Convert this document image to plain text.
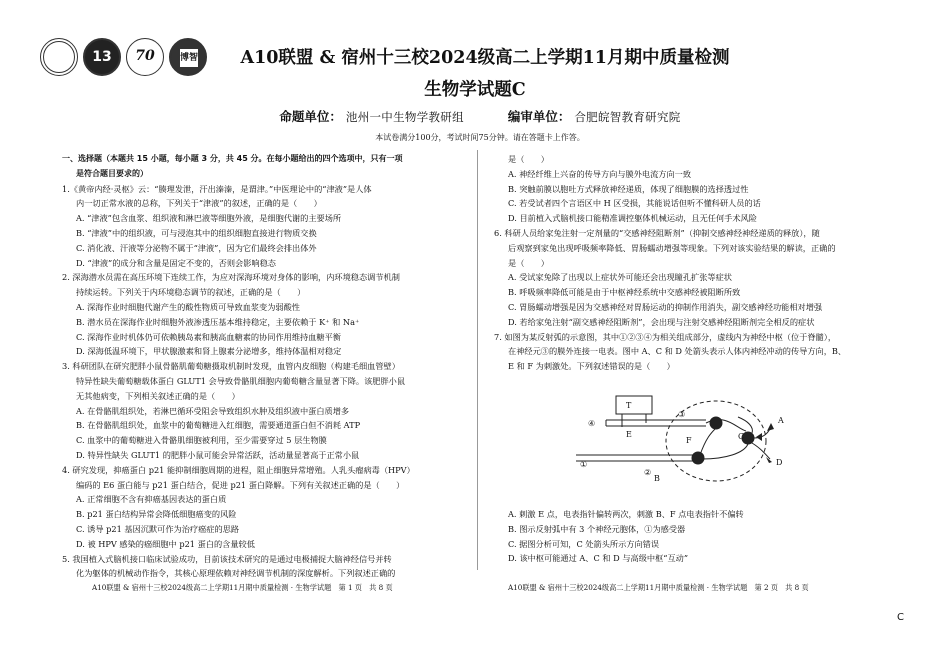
13	70	博智	A10联盟 & 宿州十三校2024级高二上学期11月期中质量检测
生物学试题C
命题单位： 池州一中生物学教研组	编审单位： 合肥皖智教育研究院
本试卷满分100分，考试时间75分钟。请在答题卡上作答。

一、选择题（本题共 15 小题，每小题 3 分，共 45 分。在每小题给出的四个选项中，只有一项

是符合题目要求的）

1.《黄帝内经·灵枢》云：“腠理发泄，汗出溱溱，是谓津。”中医理论中的“津液”是人体

内一切正常水液的总称，下列关于“津液”的叙述，正确的是（　　）

A. “津液”包含血浆、组织液和淋巴液等细胞外液，是细胞代谢的主要场所

B. “津液”中的组织液，可与浸泡其中的组织细胞直接进行物质交换

C. 消化液、汗液等分泌物不属于“津液”，因为它们最终会排出体外

D. “津液”的成分和含量是固定不变的，否则会影响稳态

2. 深海潜水员需在高压环境下连续工作，为应对深海环境对身体的影响，内环境稳态调节机制

持续运转。下列关于内环境稳态调节的叙述，正确的是（　　）

A. 深海作业时细胞代谢产生的酸性物质可导致血浆变为弱酸性

B. 潜水员在深海作业时细胞外液渗透压基本维持稳定，主要依赖于 K⁺ 和 Na⁺

C. 深海作业时机体仍可依赖胰岛素和胰高血糖素的协同作用维持血糖平衡

D. 深海低温环境下，甲状腺激素和肾上腺素分泌增多，维持体温相对稳定

3. 科研团队在研究肥胖小鼠骨骼肌葡萄糖摄取机制时发现，血管内皮细胞（构建毛细血管壁）

特异性缺失葡萄糖载体蛋白 GLUT1 会导致骨骼肌细胞内葡萄糖含量显著下降。该肥胖小鼠

无其他病变，下列相关叙述正确的是（　　）

A. 在骨骼肌组织处，若淋巴循环受阻会导致组织水肿及组织液中蛋白质增多

B. 在骨骼肌组织处，血浆中的葡萄糖进入红细胞，需要通道蛋白但不消耗 ATP

C. 血浆中的葡萄糖进入骨骼肌细胞被利用，至少需要穿过 5 层生物膜

D. 特异性缺失 GLUT1 的肥胖小鼠可能会异常活跃，活动量显著高于正常小鼠

4. 研究发现，抑癌蛋白 p21 能抑制细胞周期的进程，阻止细胞异常增殖。人乳头瘤病毒（HPV）

编码的 E6 蛋白能与 p21 蛋白结合，促进 p21 蛋白降解。下列有关叙述正确的是（　　）

A. 正常细胞不含有抑癌基因表达的蛋白质

B. p21 蛋白结构异常会降低细胞癌变的风险

C. 诱导 p21 基因沉默可作为治疗癌症的思路

D. 被 HPV 感染的癌细胞中 p21 蛋白的含量较低

5. 我国植入式脑机接口临床试验成功，目前该技术研究的是通过电极捕捉大脑神经信号并转

化为躯体的机械动作指令，其核心原理依赖对神经调节机制的深度解析。下列叙述正确的

是（　　）

A. 神经纤维上兴奋的传导方向与膜外电流方向一致

B. 突触前膜以胞吐方式释放神经递质，体现了细胞膜的选择透过性

C. 若受试者四个言语区中 H 区受损，其能说话但听不懂科研人员的话

D. 目前植入式脑机接口能精准调控躯体机械运动，且无任何手术风险

6. 科研人员给家兔注射一定剂量的“交感神经阻断剂”（抑制交感神经神经递质的释放），随

后观察到家兔出现呼吸频率降低、胃肠蠕动增强等现象。下列对该实验结果的解读，正确的

是（　　）

A. 受试家兔除了出现以上症状外可能还会出现瞳孔扩张等症状

B. 呼吸频率降低可能是由于中枢神经系统中交感神经被阻断所致

C. 胃肠蠕动增强是因为交感神经对胃肠运动的抑制作用消失，副交感神经功能相对增强

D. 若给家兔注射“副交感神经阻断剂”，会出现与注射交感神经阻断剂完全相反的症状

7. 如图为某反射弧的示意图，其中①②③④为相关组成部分，虚线内为神经中枢（位于脊髓），

在神经元③的膜外连接一电表。图中 A、C 和 D 处箭头表示人体内神经冲动的传导方向，B、

E 和 F 为刺激处。下列叙述错误的是（　　）

A. 刺激 E 点，电表指针偏转两次，刺激 B、F 点电表指针不偏转

B. 图示反射弧中有 3 个神经元胞体，①为感受器

C. 据图分析可知，C 处箭头所示方向错误

D. 该中枢可能通过 A、C 和 D 与高级中枢“互动”

T
④
③
①
②
E
B
F
A
C
D
A10联盟 & 宿州十三校2024级高二上学期11月期中质量检测 · 生物学试题　第 1 页　共 8 页	A10联盟 & 宿州十三校2024级高二上学期11月期中质量检测 · 生物学试题　第 2 页　共 8 页
C
